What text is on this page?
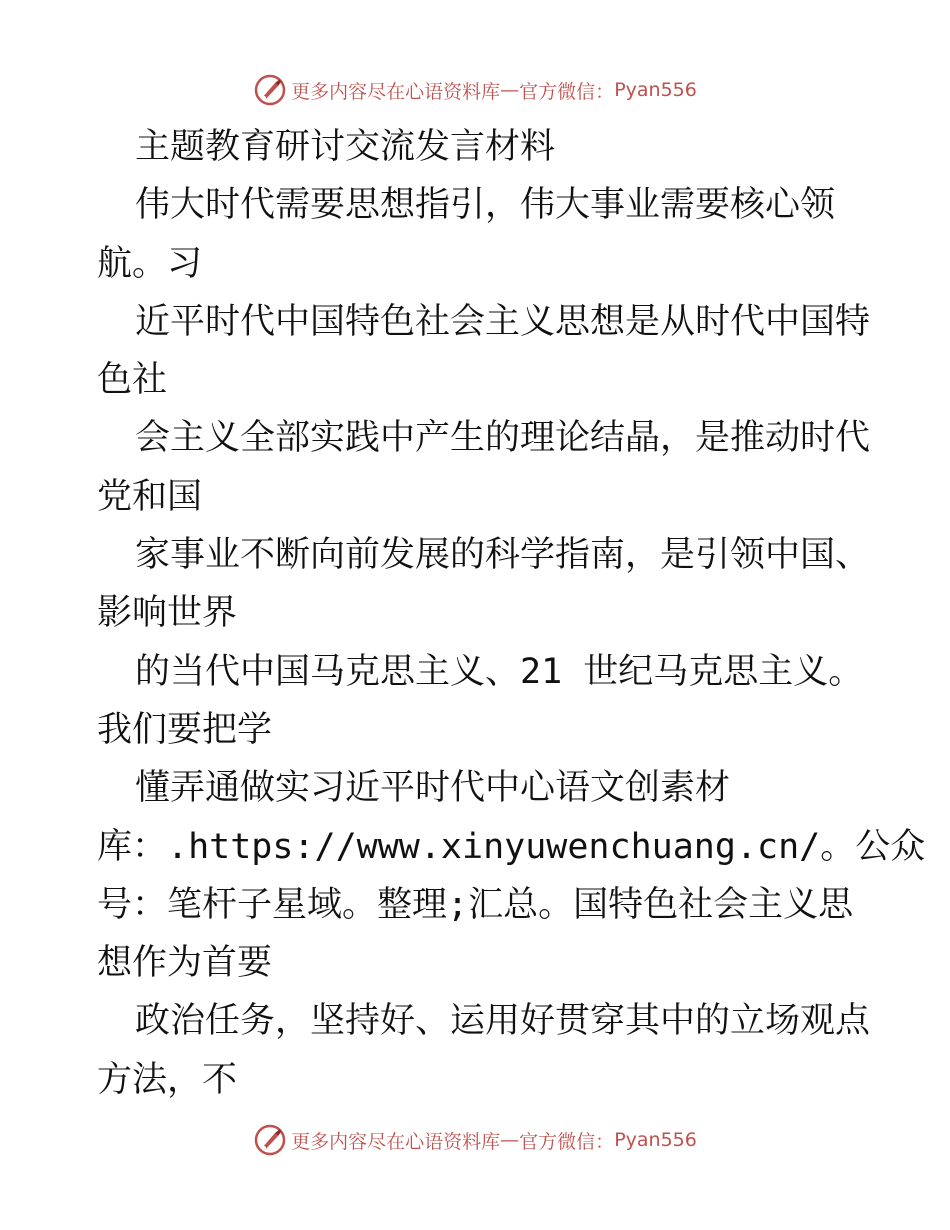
更多内容尽在心语资料库 — 官方微信： Pyan556
主题教育研讨交流发言材料
伟大时代需要思想指引，伟大事业需要核心领
航。习
近平时代中国特色社会主义思想是从时代中国特
色社
会主义全部实践中产生的理论结晶，是推动时代
党和国
家事业不断向前发展的科学指南，是引领中国、
影响世界
的当代中国马克思主义、21 世纪马克思主义。
我们要把学
懂弄通做实习近平时代中心语文创素材
库：.https://www.xinyuwenchuang.cn/。公众
号：笔杆子星域。整理;汇总。国特色社会主义思
想作为首要
政治任务，坚持好、运用好贯穿其中的立场观点
方法，不
更多内容尽在心语资料库 — 官方微信： Pyan556
